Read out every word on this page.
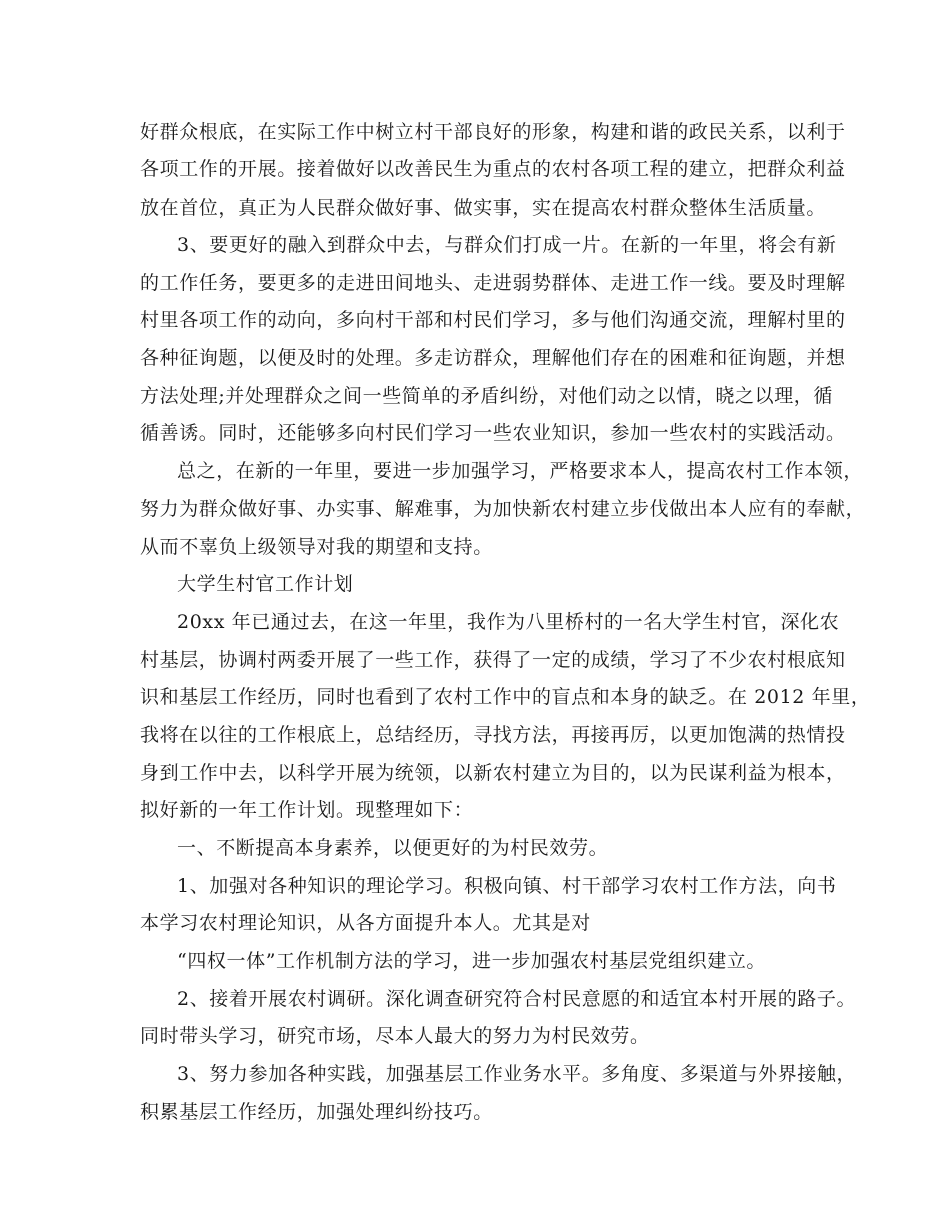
好群众根底，在实际工作中树立村干部良好的形象，构建和谐的政民关系，以利于
各项工作的开展。接着做好以改善民生为重点的农村各项工程的建立，把群众利益
放在首位，真正为人民群众做好事、做实事，实在提高农村群众整体生活质量。
3、要更好的融入到群众中去，与群众们打成一片。在新的一年里，将会有新
的工作任务，要更多的走进田间地头、走进弱势群体、走进工作一线。要及时理解
村里各项工作的动向，多向村干部和村民们学习，多与他们沟通交流，理解村里的
各种征询题，以便及时的处理。多走访群众，理解他们存在的困难和征询题，并想
方法处理;并处理群众之间一些简单的矛盾纠纷，对他们动之以情，晓之以理，循
循善诱。同时，还能够多向村民们学习一些农业知识，参加一些农村的实践活动。
总之，在新的一年里，要进一步加强学习，严格要求本人，提高农村工作本领，
努力为群众做好事、办实事、解难事，为加快新农村建立步伐做出本人应有的奉献，
从而不辜负上级领导对我的期望和支持。
大学生村官工作计划
20xx 年已通过去，在这一年里，我作为八里桥村的一名大学生村官，深化农
村基层，协调村两委开展了一些工作，获得了一定的成绩，学习了不少农村根底知
识和基层工作经历，同时也看到了农村工作中的盲点和本身的缺乏。在 2012 年里，
我将在以往的工作根底上，总结经历，寻找方法，再接再厉，以更加饱满的热情投
身到工作中去，以科学开展为统领，以新农村建立为目的，以为民谋利益为根本，
拟好新的一年工作计划。现整理如下：
一、不断提高本身素养，以便更好的为村民效劳。
1、加强对各种知识的理论学习。积极向镇、村干部学习农村工作方法，向书
本学习农村理论知识，从各方面提升本人。尤其是对
“四权一体”工作机制方法的学习，进一步加强农村基层党组织建立。
2、接着开展农村调研。深化调查研究符合村民意愿的和适宜本村开展的路子。
同时带头学习，研究市场，尽本人最大的努力为村民效劳。
3、努力参加各种实践，加强基层工作业务水平。多角度、多渠道与外界接触，
积累基层工作经历，加强处理纠纷技巧。
